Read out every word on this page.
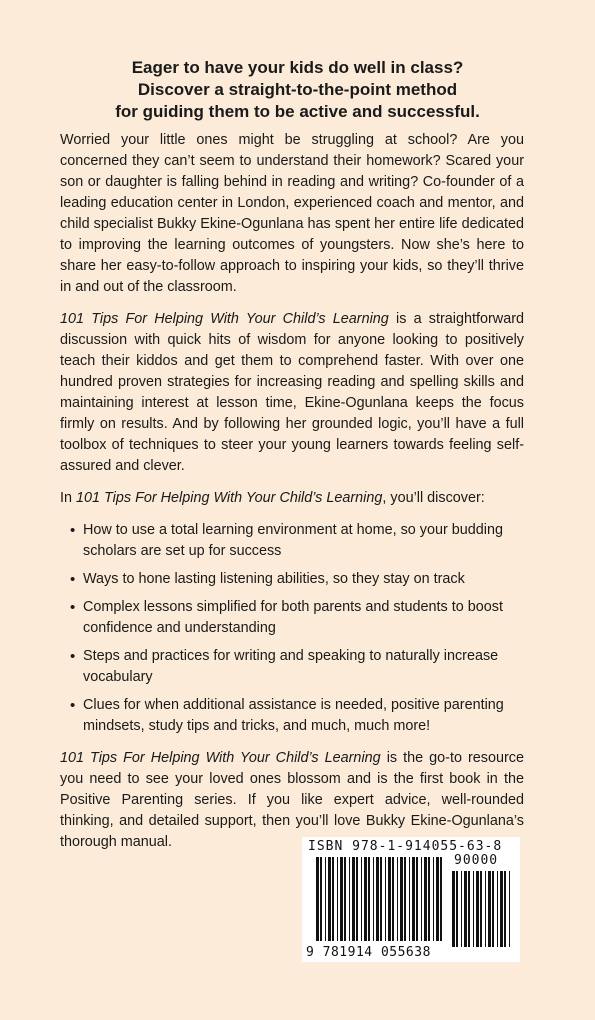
Eager to have your kids do well in class?
Discover a straight-to-the-point method
for guiding them to be active and successful.

Worried your little ones might be struggling at school? Are you concerned they can’t seem to understand their homework? Scared your son or daughter is falling behind in reading and writing? Co-founder of a leading education center in London, experienced coach and mentor, and child specialist Bukky Ekine-Ogunlana has spent her entire life dedicated to improving the learning outcomes of youngsters. Now she’s here to share her easy-to-follow approach to inspiring your kids, so they’ll thrive in and out of the classroom.

101 Tips For Helping With Your Child’s Learning is a straightforward discussion with quick hits of wisdom for anyone looking to positively teach their kiddos and get them to comprehend faster. With over one hundred proven strategies for increasing reading and spelling skills and maintaining interest at lesson time, Ekine-Ogunlana keeps the focus firmly on results. And by following her grounded logic, you’ll have a full toolbox of techniques to steer your young learners towards feeling self-assured and clever.

In 101 Tips For Helping With Your Child’s Learning, you’ll discover:

• How to use a total learning environment at home, so your budding scholars are set up for success
• Ways to hone lasting listening abilities, so they stay on track
• Complex lessons simplified for both parents and students to boost confidence and understanding
• Steps and practices for writing and speaking to naturally increase vocabulary
• Clues for when additional assistance is needed, positive parenting mindsets, study tips and tricks, and much, much more!

101 Tips For Helping With Your Child’s Learning is the go-to resource you need to see your loved ones blossom and is the first book in the Positive Parenting series. If you like expert advice, well-rounded thinking, and detailed support, then you’ll love Bukky Ekine-Ogunlana’s thorough manual.	ISBN 978-1-914055-63-8
90000
9 781914 055638
